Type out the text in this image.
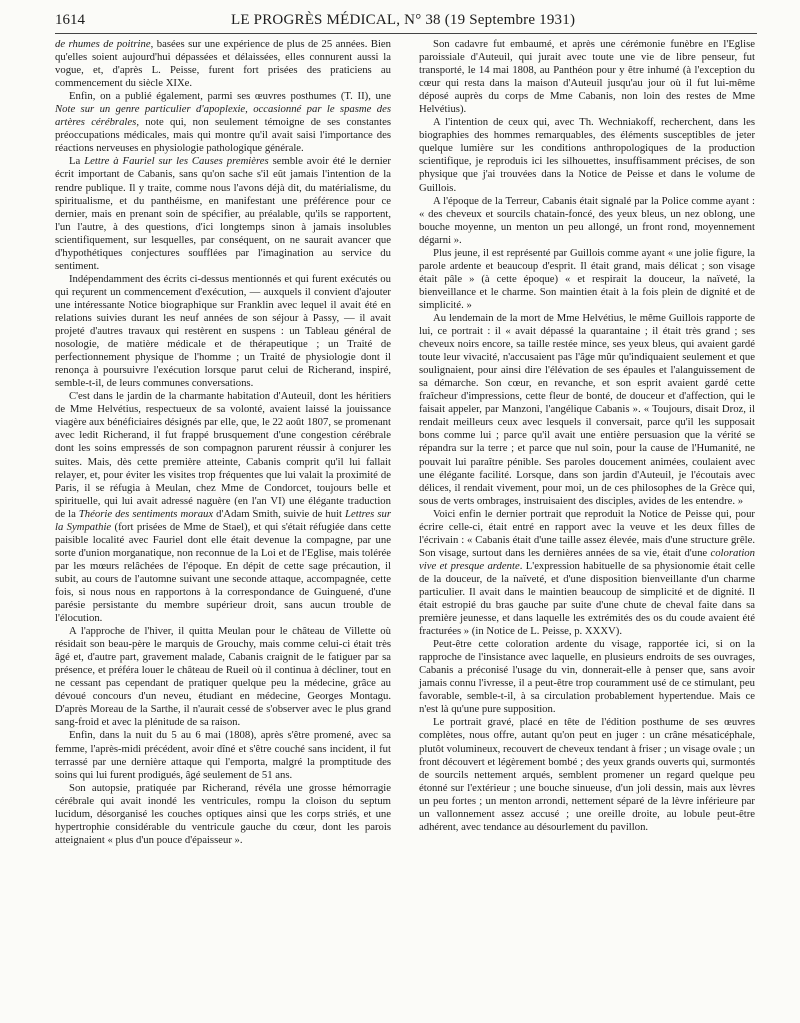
1614	LE PROGRÈS MÉDICAL, N° 38 (19 Septembre 1931)

de rhumes de poitrine, basées sur une expérience de plus de 25 années. Bien qu'elles soient aujourd'hui dépassées et délaissées, elles connurent aussi la vogue, et, d'après L. Peisse, furent fort prisées des praticiens au commencement du siècle XIXe.

Enfin, on a publié également, parmi ses œuvres posthumes (T. II), une Note sur un genre particulier d'apoplexie, occasionné par le spasme des artères cérébrales, note qui, non seulement témoigne de ses constantes préoccupations médicales, mais qui montre qu'il avait saisi l'importance des réactions nerveuses en physiologie pathologique générale.

La Lettre à Fauriel sur les Causes premières semble avoir été le dernier écrit important de Cabanis, sans qu'on sache s'il eût jamais l'intention de la rendre publique. Il y traite, comme nous l'avons déjà dit, du matérialisme, du spiritualisme, et du panthéisme, en manifestant une préférence pour ce dernier, mais en prenant soin de spécifier, au préalable, qu'ils se rapportent, l'un l'autre, à des questions, d'ici longtemps sinon à jamais insolubles scientifiquement, sur lesquelles, par conséquent, on ne saurait avancer que d'hypothétiques conjectures soufflées par l'imagination au service du sentiment.

Indépendamment des écrits ci-dessus mentionnés et qui furent exécutés ou qui reçurent un commencement d'exécution, — auxquels il convient d'ajouter une intéressante Notice biographique sur Franklin avec lequel il avait été en relations suivies durant les neuf années de son séjour à Passy, — il avait projeté d'autres travaux qui restèrent en suspens : un Tableau général de nosologie, de matière médicale et de thérapeutique ; un Traité de perfectionnement physique de l'homme ; un Traité de physiologie dont il renonça à poursuivre l'exécution lorsque parut celui de Richerand, inspiré, semble-t-il, de leurs communes conversations.

C'est dans le jardin de la charmante habitation d'Auteuil, dont les héritiers de Mme Helvétius, respectueux de sa volonté, avaient laissé la jouissance viagère aux bénéficiaires désignés par elle, que, le 22 août 1807, se promenant avec ledit Richerand, il fut frappé brusquement d'une congestion cérébrale dont les soins empressés de son compagnon parurent réussir à conjurer les suites. Mais, dès cette première atteinte, Cabanis comprit qu'il lui fallait relayer, et, pour éviter les visites trop fréquentes que lui valait la proximité de Paris, il se réfugia à Meulan, chez Mme de Condorcet, toujours belle et spirituelle, qui lui avait adressé naguère (en l'an VI) une élégante traduction de la Théorie des sentiments moraux d'Adam Smith, suivie de huit Lettres sur la Sympathie (fort prisées de Mme de Stael), et qui s'était réfugiée dans cette paisible localité avec Fauriel dont elle était devenue la compagne, par une sorte d'union morganatique, non reconnue de la Loi et de l'Eglise, mais tolérée par les mœurs relâchées de l'époque. En dépit de cette sage précaution, il subit, au cours de l'automne suivant une seconde attaque, accompagnée, cette fois, si nous nous en rapportons à la correspondance de Guinguené, d'une parésie persistante du membre supérieur droit, sans aucun trouble de l'élocution.

A l'approche de l'hiver, il quitta Meulan pour le château de Villette où résidait son beau-père le marquis de Grouchy, mais comme celui-ci était très âgé et, d'autre part, gravement malade, Cabanis craignit de le fatiguer par sa présence, et préféra louer le château de Rueil où il continua à décliner, tout en ne cessant pas cependant de pratiquer quelque peu la médecine, grâce au dévoué concours d'un neveu, étudiant en médecine, Georges Montagu. D'après Moreau de la Sarthe, il n'aurait cessé de s'observer avec le plus grand sang-froid et avec la plénitude de sa raison.

Enfin, dans la nuit du 5 au 6 mai (1808), après s'être promené, avec sa femme, l'après-midi précédent, avoir dîné et s'être couché sans incident, il fut terrassé par une dernière attaque qui l'emporta, malgré la promptitude des soins qui lui furent prodigués, âgé seulement de 51 ans.

Son autopsie, pratiquée par Richerand, révéla une grosse hémorragie cérébrale qui avait inondé les ventricules, rompu la cloison du septum lucidum, désorganisé les couches optiques ainsi que les corps striés, et une hypertrophie considérable du ventricule gauche du cœur, dont les parois atteignaient « plus d'un pouce d'épaisseur ».

Son cadavre fut embaumé, et après une cérémonie funèbre en l'Eglise paroissiale d'Auteuil, qui jurait avec toute une vie de libre penseur, fut transporté, le 14 mai 1808, au Panthéon pour y être inhumé (à l'exception du cœur qui resta dans la maison d'Auteuil jusqu'au jour où il fut lui-même déposé auprès du corps de Mme Cabanis, non loin des restes de Mme Helvétius).

A l'intention de ceux qui, avec Th. Wechniakoff, recherchent, dans les biographies des hommes remarquables, des éléments susceptibles de jeter quelque lumière sur les conditions anthropologiques de la production scientifique, je reproduis ici les silhouettes, insuffisamment précises, de son physique que j'ai trouvées dans la Notice de Peisse et dans le volume de Guillois.

A l'époque de la Terreur, Cabanis était signalé par la Police comme ayant : « des cheveux et sourcils chatain-foncé, des yeux bleus, un nez oblong, une bouche moyenne, un menton un peu allongé, un front rond, moyennement dégarni ».

Plus jeune, il est représenté par Guillois comme ayant « une jolie figure, la parole ardente et beaucoup d'esprit. Il était grand, mais délicat ; son visage était pâle » (à cette époque) « et respirait la douceur, la naïveté, la bienveillance et le charme. Son maintien était à la fois plein de dignité et de simplicité. »

Au lendemain de la mort de Mme Helvétius, le même Guillois rapporte de lui, ce portrait : il « avait dépassé la quarantaine ; il était très grand ; ses cheveux noirs encore, sa taille restée mince, ses yeux bleus, qui avaient gardé toute leur vivacité, n'accusaient pas l'âge mûr qu'indiquaient seulement et que soulignaient, pour ainsi dire l'élévation de ses épaules et l'alanguissement de sa démarche. Son cœur, en revanche, et son esprit avaient gardé cette fraîcheur d'impressions, cette fleur de bonté, de douceur et d'affection, qui le faisait appeler, par Manzoni, l'angélique Cabanis ». « Toujours, disait Droz, il rendait meilleurs ceux avec lesquels il conversait, parce qu'il les supposait bons comme lui ; parce qu'il avait une entière persuasion que la vérité se répandra sur la terre ; et parce que nul soin, pour la cause de l'Humanité, ne pouvait lui paraître pénible. Ses paroles doucement animées, coulaient avec une élégante facilité. Lorsque, dans son jardin d'Auteuil, je l'écoutais avec délices, il rendait vivement, pour moi, un de ces philosophes de la Grèce qui, sous de verts ombrages, instruisaient des disciples, avides de les entendre. »

Voici enfin le dernier portrait que reproduit la Notice de Peisse qui, pour écrire celle-ci, était entré en rapport avec la veuve et les deux filles de l'écrivain : « Cabanis était d'une taille assez élevée, mais d'une structure grêle. Son visage, surtout dans les dernières années de sa vie, était d'une coloration vive et presque ardente. L'expression habituelle de sa physionomie était celle de la douceur, de la naïveté, et d'une disposition bienveillante d'un charme particulier. Il avait dans le maintien beaucoup de simplicité et de dignité. Il était estropié du bras gauche par suite d'une chute de cheval faite dans sa première jeunesse, et dans laquelle les extrémités des os du coude avaient été fracturées » (in Notice de L. Peisse, p. XXXV).

Peut-être cette coloration ardente du visage, rapportée ici, si on la rapproche de l'insistance avec laquelle, en plusieurs endroits de ses ouvrages, Cabanis a préconisé l'usage du vin, donnerait-elle à penser que, sans avoir jamais connu l'ivresse, il a peut-être trop couramment usé de ce stimulant, peu favorable, semble-t-il, à sa circulation probablement hypertendue. Mais ce n'est là qu'une pure supposition.

Le portrait gravé, placé en tête de l'édition posthume de ses œuvres complètes, nous offre, autant qu'on peut en juger : un crâne mésaticéphale, plutôt volumineux, recouvert de cheveux tendant à friser ; un visage ovale ; un front découvert et légèrement bombé ; des yeux grands ouverts qui, surmontés de sourcils nettement arqués, semblent promener un regard quelque peu étonné sur l'extérieur ; une bouche sinueuse, d'un joli dessin, mais aux lèvres un peu fortes ; un menton arrondi, nettement séparé de la lèvre inférieure par un vallonnement assez accusé ; une oreille droite, au lobule peut-être adhérent, avec tendance au désourlement du pavillon.
